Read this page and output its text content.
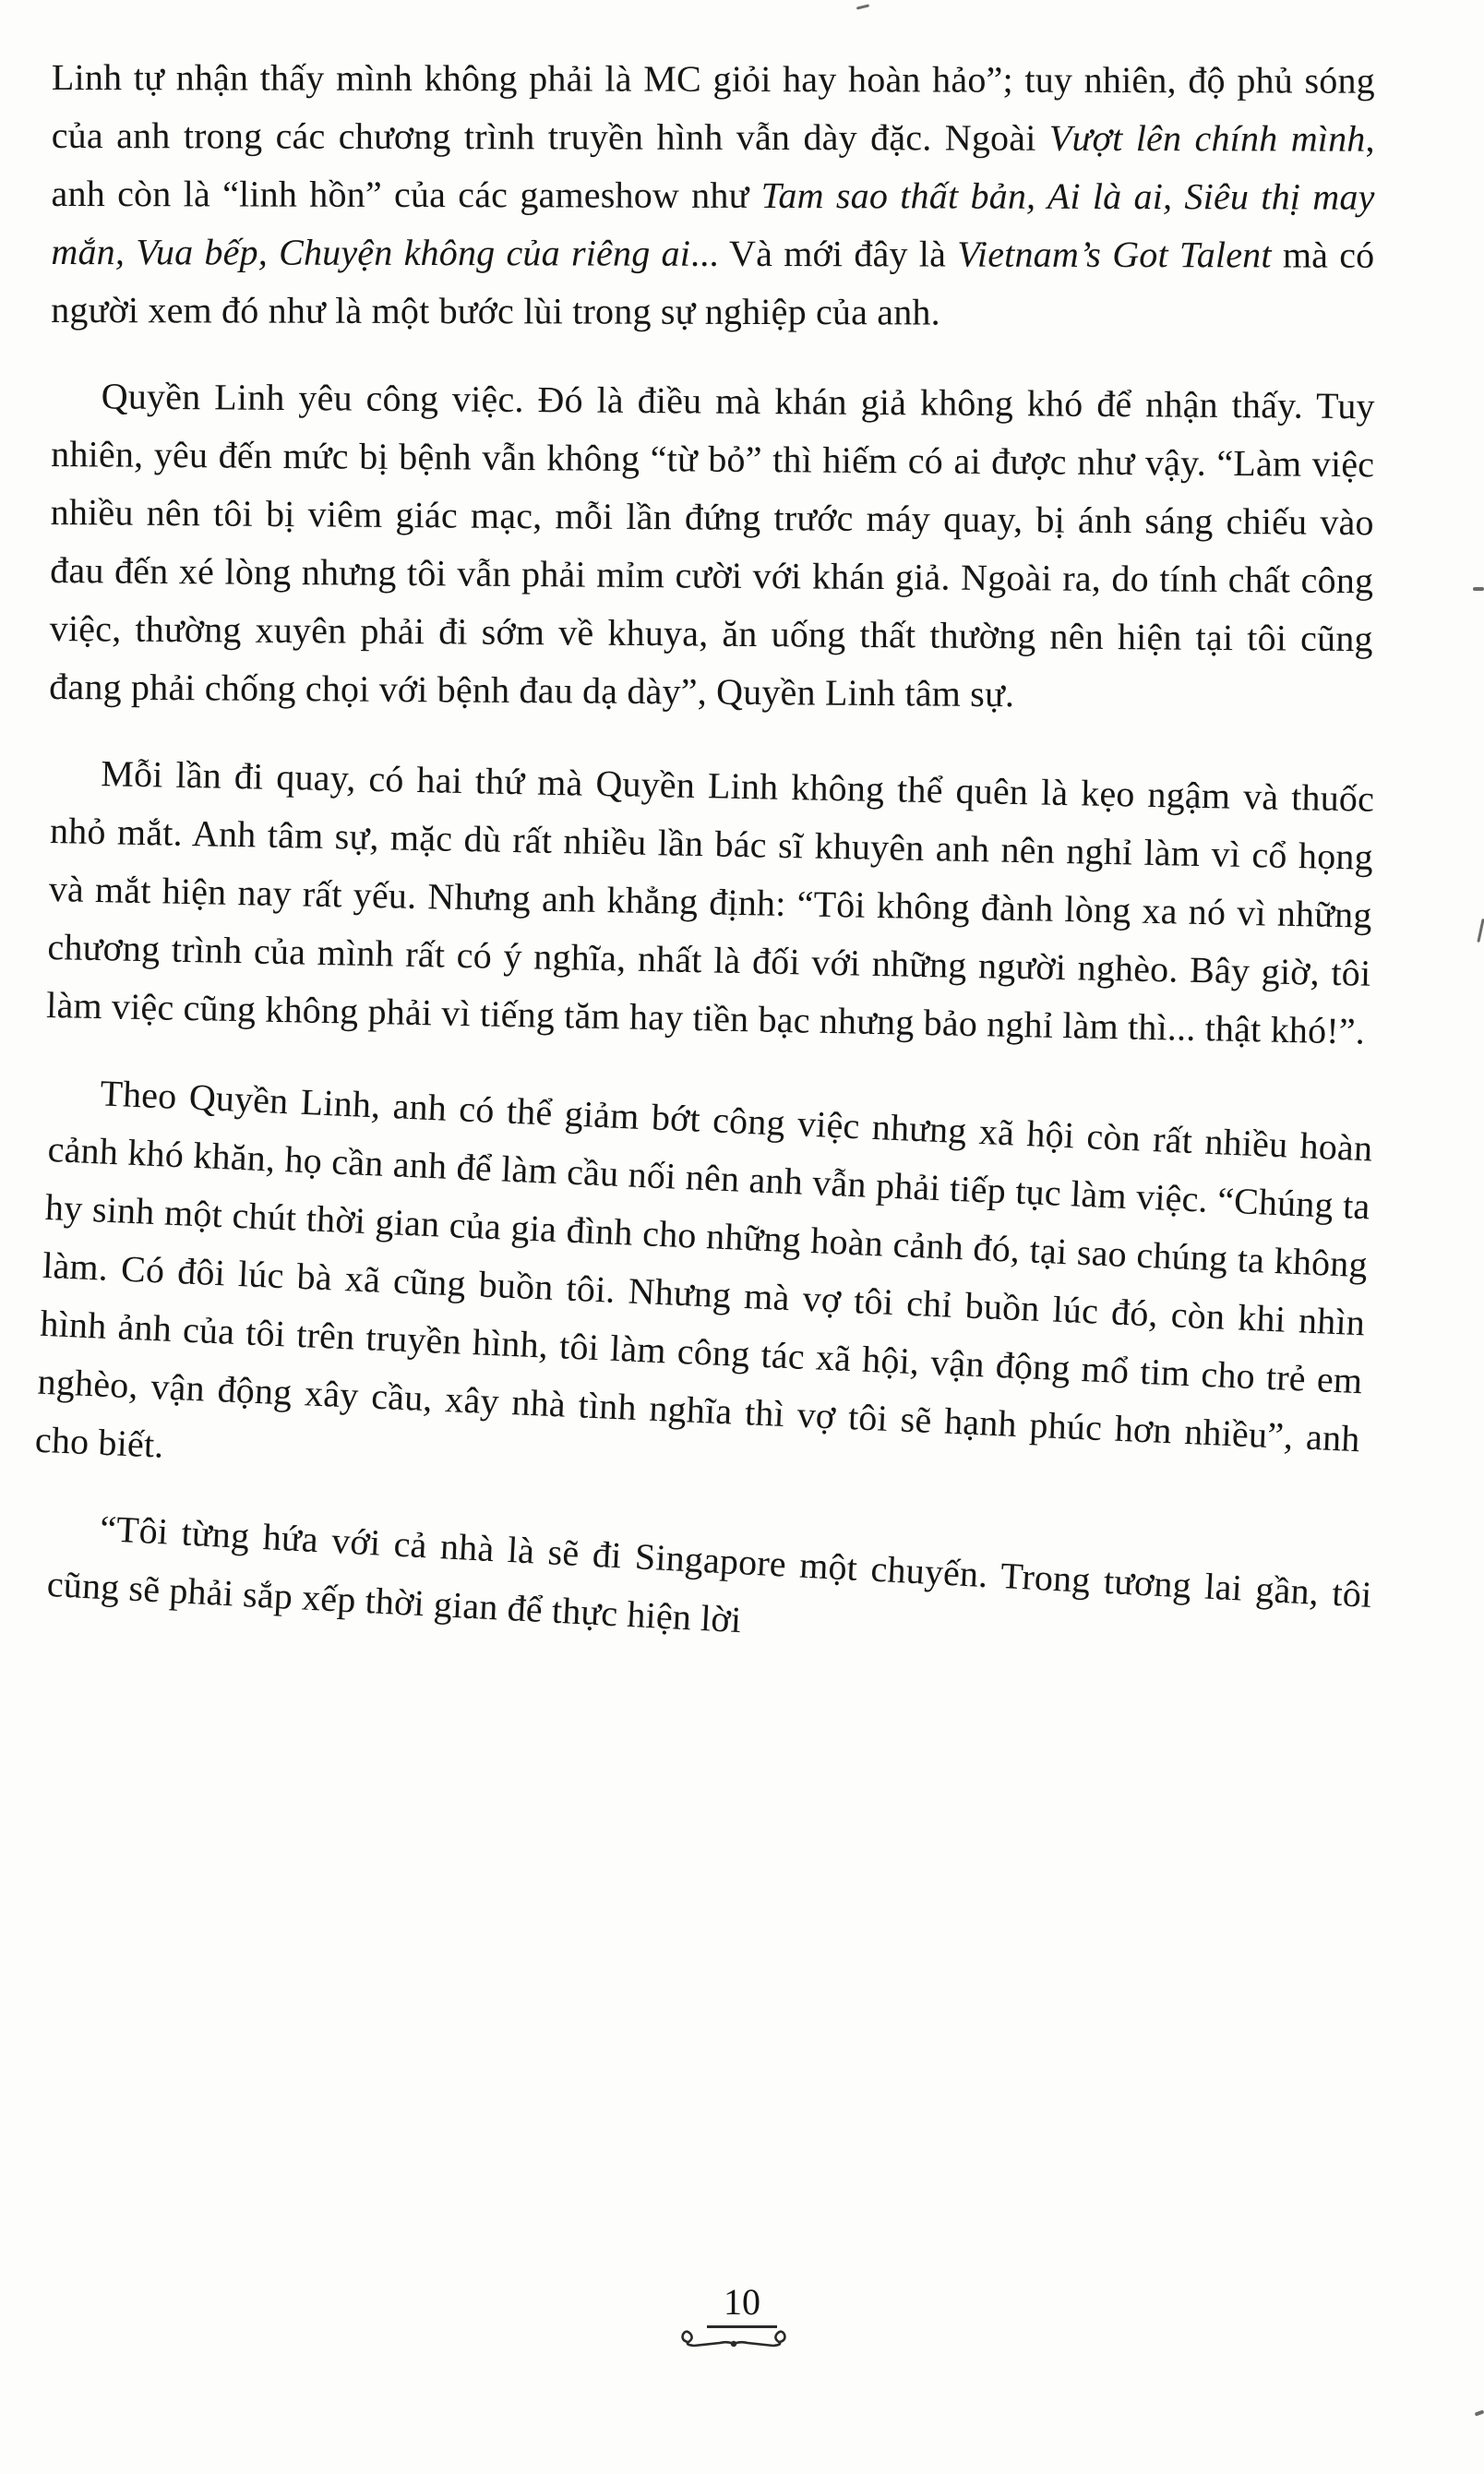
Linh tự nhận thấy mình không phải là MC giỏi hay hoàn hảo”; tuy nhiên, độ phủ sóng của anh trong các chương trình truyền hình vẫn dày đặc. Ngoài Vượt lên chính mình, anh còn là “linh hồn” của các gameshow như Tam sao thất bản, Ai là ai, Siêu thị may mắn, Vua bếp, Chuyện không của riêng ai... Và mới đây là Vietnam’s Got Talent mà có người xem đó như là một bước lùi trong sự nghiệp của anh.

Quyền Linh yêu công việc. Đó là điều mà khán giả không khó để nhận thấy. Tuy nhiên, yêu đến mức bị bệnh vẫn không “từ bỏ” thì hiếm có ai được như vậy. “Làm việc nhiều nên tôi bị viêm giác mạc, mỗi lần đứng trước máy quay, bị ánh sáng chiếu vào đau đến xé lòng nhưng tôi vẫn phải mỉm cười với khán giả. Ngoài ra, do tính chất công việc, thường xuyên phải đi sớm về khuya, ăn uống thất thường nên hiện tại tôi cũng đang phải chống chọi với bệnh đau dạ dày”, Quyền Linh tâm sự.

Mỗi lần đi quay, có hai thứ mà Quyền Linh không thể quên là kẹo ngậm và thuốc nhỏ mắt. Anh tâm sự, mặc dù rất nhiều lần bác sĩ khuyên anh nên nghỉ làm vì cổ họng và mắt hiện nay rất yếu. Nhưng anh khẳng định: “Tôi không đành lòng xa nó vì những chương trình của mình rất có ý nghĩa, nhất là đối với những người nghèo. Bây giờ, tôi làm việc cũng không phải vì tiếng tăm hay tiền bạc nhưng bảo nghỉ làm thì... thật khó!”.

Theo Quyền Linh, anh có thể giảm bớt công việc nhưng xã hội còn rất nhiều hoàn cảnh khó khăn, họ cần anh để làm cầu nối nên anh vẫn phải tiếp tục làm việc. “Chúng ta hy sinh một chút thời gian của gia đình cho những hoàn cảnh đó, tại sao chúng ta không làm. Có đôi lúc bà xã cũng buồn tôi. Nhưng mà vợ tôi chỉ buồn lúc đó, còn khi nhìn hình ảnh của tôi trên truyền hình, tôi làm công tác xã hội, vận động mổ tim cho trẻ em nghèo, vận động xây cầu, xây nhà tình nghĩa thì vợ tôi sẽ hạnh phúc hơn nhiều”, anh cho biết.

“Tôi từng hứa với cả nhà là sẽ đi Singapore một chuyến. Trong tương lai gần, tôi cũng sẽ phải sắp xếp thời gian để thực hiện lời

10
